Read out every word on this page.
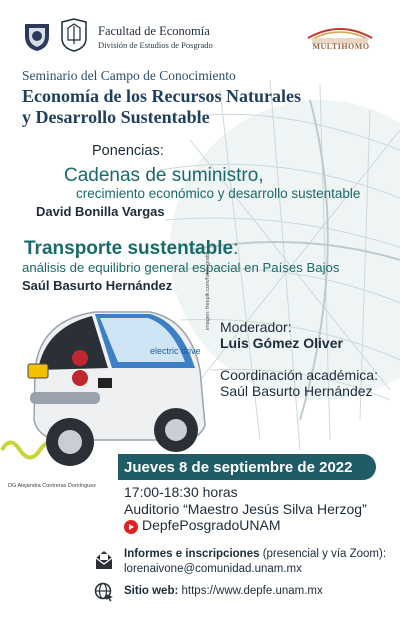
Facultad de Economía
División de Estudios de Posgrado	MULTIHOMO
Seminario del Campo de Conocimiento
Economía de los Recursos Naturales
y Desarrollo Sustentable
Ponencias:
Cadenas de suministro,
crecimiento económico y desarrollo sustentable
David Bonilla Vargas
Transporte sustentable:
análisis de equilibrio general espacial en Países Bajos
Saúl Basurto Hernández
electric drive
imagen: freepik.com/fotos-gratis Moderador:
Luis Gómez Oliver
Coordinación académica:
Saúl Basurto Hernández
Jueves 8 de septiembre de 2022
DG Alejandra Contreras Domínguez 17:00-18:30 horas
Auditorio “Maestro Jesús Silva Herzog”
DepfePosgradoUNAM
Informes e inscripciones (presencial y vía Zoom):
lorenaivone@comunidad.unam.mx
Sitio web: https://www.depfe.unam.mx
